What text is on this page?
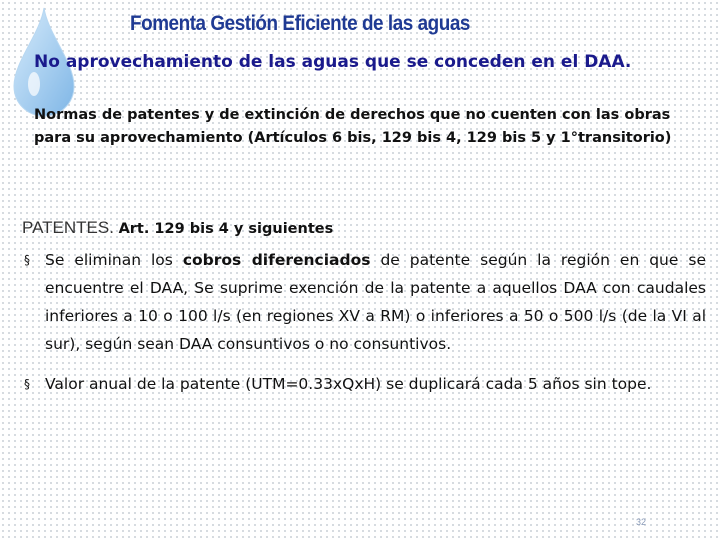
Fomenta Gestión Eficiente de las aguas
No aprovechamiento de las aguas que se conceden en el DAA.

Normas de patentes y de extinción de derechos que no cuenten con las obras para su aprovechamiento (Artículos 6 bis, 129 bis 4, 129 bis 5 y 1°transitorio)

PATENTES. Art. 129 bis 4 y siguientes

§ Se eliminan los cobros diferenciados de patente según la región en que se encuentre el DAA, Se suprime exención de la patente a aquellos DAA con caudales inferiores a 10 o 100 l/s (en regiones XV a RM) o inferiores a 50 o 500 l/s (de la VI al sur), según sean DAA consuntivos o no consuntivos.
§ Valor anual de la patente (UTM=0.33xQxH) se duplicará cada 5 años sin tope.
32
